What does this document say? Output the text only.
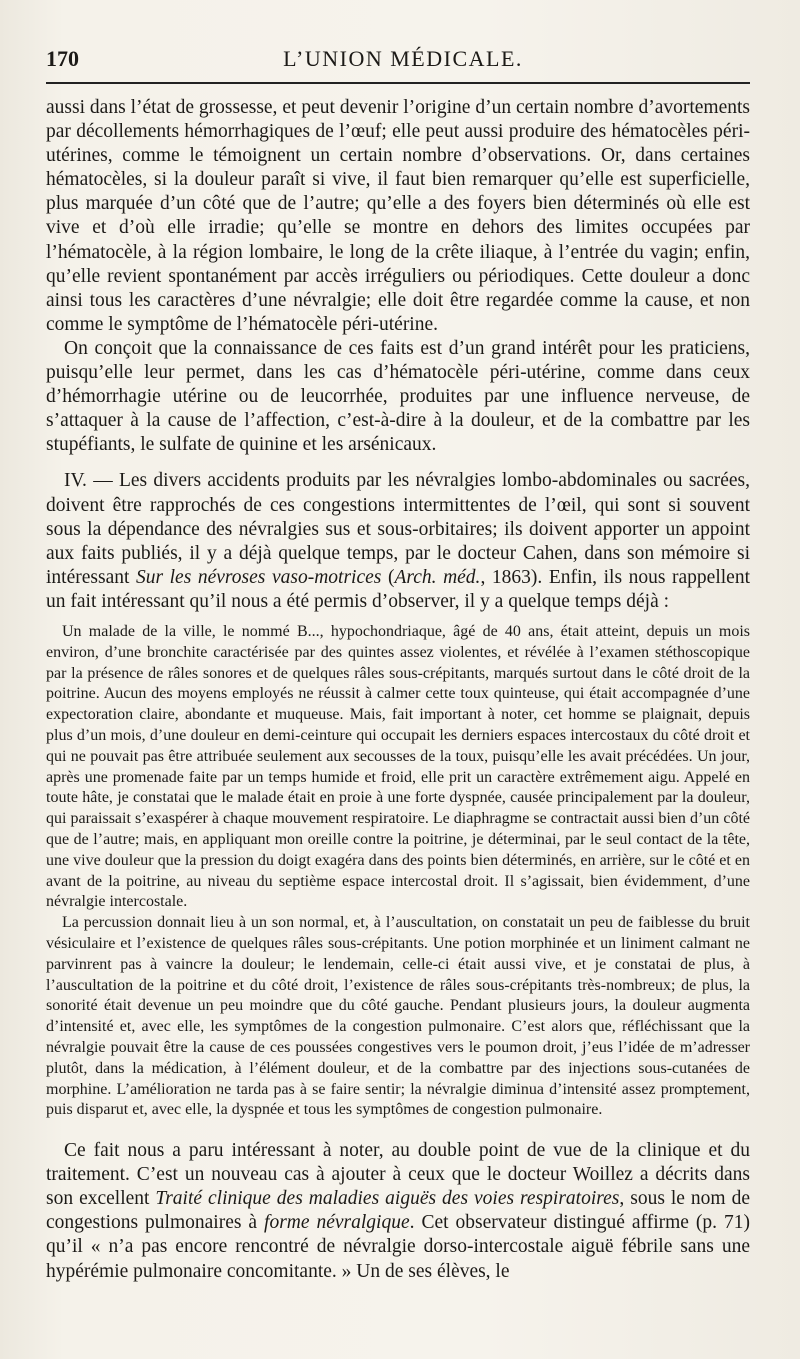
170	L’UNION MÉDICALE.

aussi dans l’état de grossesse, et peut devenir l’origine d’un certain nombre d’avortements par décollements hémorrhagiques de l’œuf; elle peut aussi produire des hématocèles péri-utérines, comme le témoignent un certain nombre d’observations. Or, dans certaines hématocèles, si la douleur paraît si vive, il faut bien remarquer qu’elle est superficielle, plus marquée d’un côté que de l’autre; qu’elle a des foyers bien déterminés où elle est vive et d’où elle irradie; qu’elle se montre en dehors des limites occupées par l’hématocèle, à la région lombaire, le long de la crête iliaque, à l’entrée du vagin; enfin, qu’elle revient spontanément par accès irréguliers ou périodiques. Cette douleur a donc ainsi tous les caractères d’une névralgie; elle doit être regardée comme la cause, et non comme le symptôme de l’hématocèle péri-utérine.

On conçoit que la connaissance de ces faits est d’un grand intérêt pour les praticiens, puisqu’elle leur permet, dans les cas d’hématocèle péri-utérine, comme dans ceux d’hémorrhagie utérine ou de leucorrhée, produites par une influence nerveuse, de s’attaquer à la cause de l’affection, c’est-à-dire à la douleur, et de la combattre par les stupéfiants, le sulfate de quinine et les arsénicaux.

IV. — Les divers accidents produits par les névralgies lombo-abdominales ou sacrées, doivent être rapprochés de ces congestions intermittentes de l’œil, qui sont si souvent sous la dépendance des névralgies sus et sous-orbitaires; ils doivent apporter un appoint aux faits publiés, il y a déjà quelque temps, par le docteur Cahen, dans son mémoire si intéressant Sur les névroses vaso-motrices (Arch. méd., 1863). Enfin, ils nous rappellent un fait intéressant qu’il nous a été permis d’observer, il y a quelque temps déjà :

Un malade de la ville, le nommé B..., hypochondriaque, âgé de 40 ans, était atteint, depuis un mois environ, d’une bronchite caractérisée par des quintes assez violentes, et révélée à l’examen stéthoscopique par la présence de râles sonores et de quelques râles sous-crépitants, marqués surtout dans le côté droit de la poitrine. Aucun des moyens employés ne réussit à calmer cette toux quinteuse, qui était accompagnée d’une expectoration claire, abondante et muqueuse. Mais, fait important à noter, cet homme se plaignait, depuis plus d’un mois, d’une douleur en demi-ceinture qui occupait les derniers espaces intercostaux du côté droit et qui ne pouvait pas être attribuée seulement aux secousses de la toux, puisqu’elle les avait précédées. Un jour, après une promenade faite par un temps humide et froid, elle prit un caractère extrêmement aigu. Appelé en toute hâte, je constatai que le malade était en proie à une forte dyspnée, causée principalement par la douleur, qui paraissait s’exaspérer à chaque mouvement respiratoire. Le diaphragme se contractait aussi bien d’un côté que de l’autre; mais, en appliquant mon oreille contre la poitrine, je déterminai, par le seul contact de la tête, une vive douleur que la pression du doigt exagéra dans des points bien déterminés, en arrière, sur le côté et en avant de la poitrine, au niveau du septième espace intercostal droit. Il s’agissait, bien évidemment, d’une névralgie intercostale.

La percussion donnait lieu à un son normal, et, à l’auscultation, on constatait un peu de faiblesse du bruit vésiculaire et l’existence de quelques râles sous-crépitants. Une potion morphinée et un liniment calmant ne parvinrent pas à vaincre la douleur; le lendemain, celle-ci était aussi vive, et je constatai de plus, à l’auscultation de la poitrine et du côté droit, l’existence de râles sous-crépitants très-nombreux; de plus, la sonorité était devenue un peu moindre que du côté gauche. Pendant plusieurs jours, la douleur augmenta d’intensité et, avec elle, les symptômes de la congestion pulmonaire. C’est alors que, réfléchissant que la névralgie pouvait être la cause de ces poussées congestives vers le poumon droit, j’eus l’idée de m’adresser plutôt, dans la médication, à l’élément douleur, et de la combattre par des injections sous-cutanées de morphine. L’amélioration ne tarda pas à se faire sentir; la névralgie diminua d’intensité assez promptement, puis disparut et, avec elle, la dyspnée et tous les symptômes de congestion pulmonaire.

Ce fait nous a paru intéressant à noter, au double point de vue de la clinique et du traitement. C’est un nouveau cas à ajouter à ceux que le docteur Woillez a décrits dans son excellent Traité clinique des maladies aiguës des voies respiratoires, sous le nom de congestions pulmonaires à forme névralgique. Cet observateur distingué affirme (p. 71) qu’il « n’a pas encore rencontré de névralgie dorso-intercostale aiguë fébrile sans une hypérémie pulmonaire concomitante. » Un de ses élèves, le
